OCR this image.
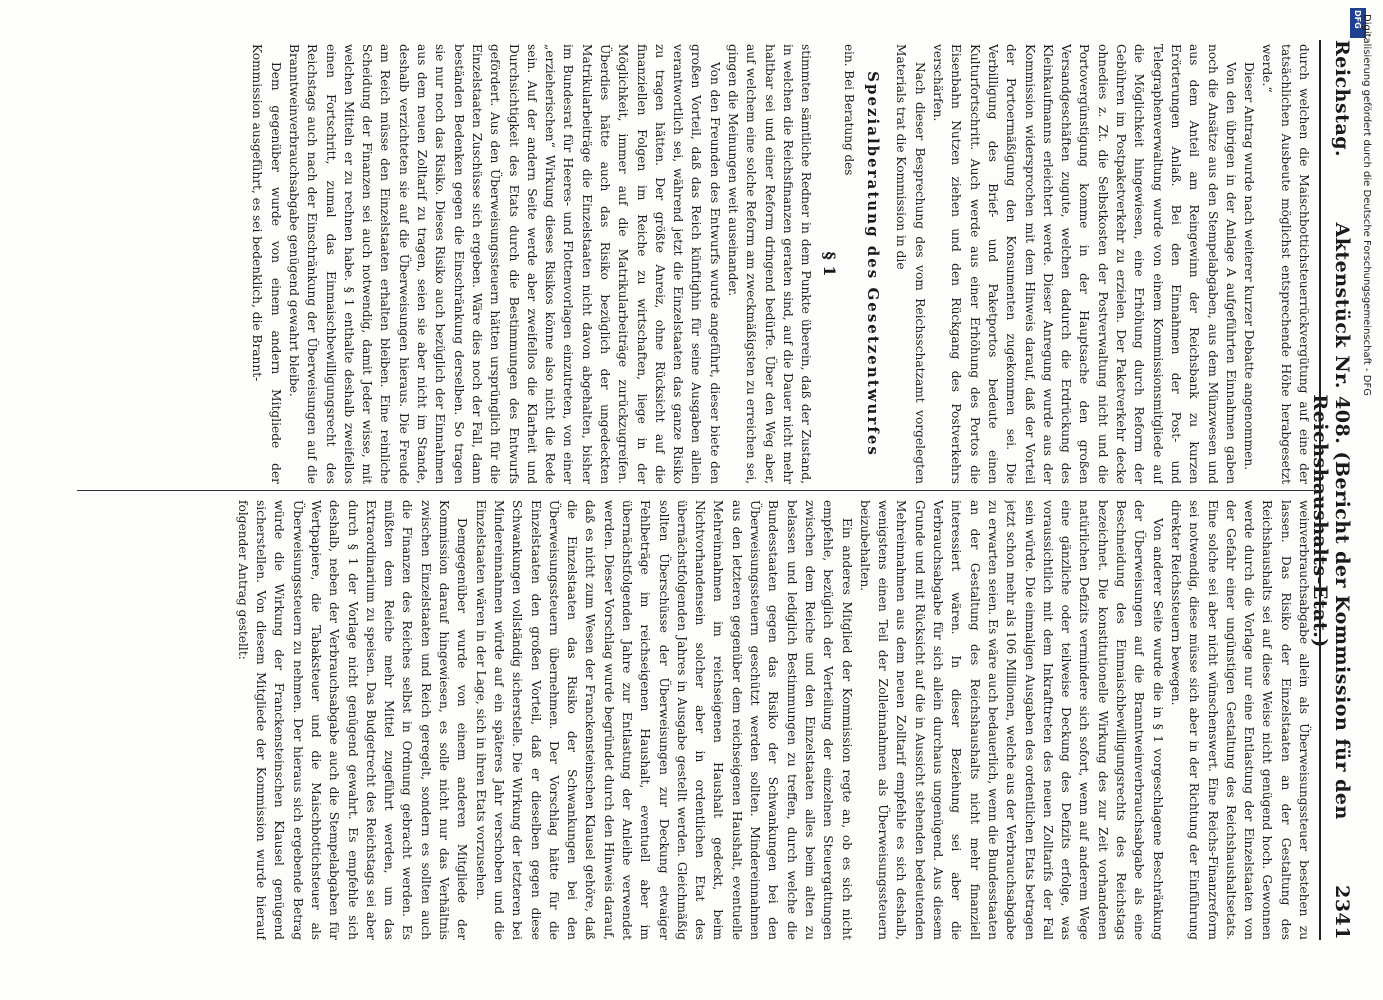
Reichstag.
Aktenstück Nr. 408. (Bericht der Kommission für den Reichshaushalts-Etat.)
2341

durch welchen die Maischbottichsteuerrückvergütung auf eine der tatsächlichen Ausbeute möglichst entsprechende Höhe herabgesetzt werde.“

Dieser Antrag wurde nach weiterer kurzer Debatte angenommen.

Von den übrigen in der Anlage A aufgeführten Einnahmen gaben noch die Ansätze aus den Stempelabgaben, aus dem Münzwesen und aus dem Anteil am Reingewinn der Reichsbank zu kurzen Erörterungen Anlaß. Bei den Einnahmen der Post- und Telegraphenverwaltung wurde von einem Kommissionsmitgliede auf die Möglichkeit hingewiesen, eine Erhöhung durch Reform der Gebühren im Postpaketverkehr zu erzielen. Der Paketverkehr decke ohnedies z. Zt. die Selbstkosten der Postverwaltung nicht und die Portovergünstigung komme in der Hauptsache den großen Versandgeschäften zugute, welchen dadurch die Erdrückung des Kleinkaufmanns erleichtert werde. Dieser Anregung wurde aus der Kommission widersprochen mit dem Hinweis darauf, daß der Vorteil der Portoermäßigung den Konsumenten zugekommen sei. Die Verbilligung des Brief- und Paketportos bedeute einen Kulturfortschritt. Auch werde aus einer Erhöhung des Portos die Eisenbahn Nutzen ziehen und den Rückgang des Postverkehrs verschärfen.

Nach dieser Besprechung des vom Reichsschatzamt vorgelegten Materials trat die Kommission in die

Spezialberatung des Gesetzentwurfes

ein. Bei Beratung des

§ 1

stimmten sämtliche Redner in dem Punkte überein, daß der Zustand, in welchen die Reichsfinanzen geraten sind, auf die Dauer nicht mehr haltbar sei und einer Reform dringend bedürfe. Über den Weg aber, auf welchem eine solche Reform am zweckmäßigsten zu erreichen sei, gingen die Meinungen weit auseinander.

Von den Freunden des Entwurfs wurde angeführt, dieser biete den großen Vorteil, daß das Reich künftighin für seine Ausgaben allein verantwortlich sei, während jetzt die Einzelstaaten das ganze Risiko zu tragen hätten. Der größte Anreiz, ohne Rücksicht auf die finanziellen Folgen im Reiche zu wirtschaften, liege in der Möglichkeit, immer auf die Matrikularbeiträge zurückzugreifen. Überdies hätte auch das Risiko bezüglich der ungedeckten Matrikularbeiträge die Einzelstaaten nicht davon abgehalten, bisher im Bundesrat für Heeres- und Flottenvorlagen einzutreten, von einer „erzieherischen“ Wirkung dieses Risikos könne also nicht die Rede sein. Auf der andern Seite werde aber zweifellos die Klarheit und Durchsichtigkeit des Etats durch die Bestimmungen des Entwurfs gefördert. Aus den Überweisungssteuern hätten ursprünglich für die Einzelstaaten Zuschüsse sich ergeben. Wäre dies noch der Fall, dann beständen Bedenken gegen die Einschränkung derselben. So tragen sie nur noch das Risiko. Dieses Risiko auch bezüglich der Einnahmen aus dem neuen Zolltarif zu tragen, seien sie aber nicht im Stande, deshalb verzichteten sie auf die Überweisungen hieraus. Die Freude am Reich müsse den Einzelstaaten erhalten bleiben. Eine reinliche Scheidung der Finanzen sei auch notwendig, damit Jeder wisse, mit welchen Mitteln er zu rechnen habe. § 1 enthalte deshalb zweifellos einen Fortschritt, zumal das Einmaischbewilligungsrecht des Reichstags auch nach der Einschränkung der Überweisungen auf die Branntweinverbrauchsabgabe genügend gewahrt bleibe.

Dem gegenüber wurde von einem andern Mitgliede der Kommission ausgeführt, es sei bedenklich, die Brannt-

weinverbrauchsabgabe allein als Überweisungssteuer bestehen zu lassen. Das Risiko der Einzelstaaten an der Gestaltung des Reichshaushalts sei auf diese Weise nicht genügend hoch. Gewonnen werde durch die Vorlage nur eine Entlastung der Einzelstaaten von der Gefahr einer ungünstigen Gestaltung des Reichshaushaltsetats. Eine solche sei aber nicht wünschenswert. Eine Reichs-Finanzreform sei notwendig, diese müsse sich aber in der Richtung der Einführung direkter Reichssteuern bewegen.

Von anderer Seite wurde die in § 1 vorgeschlagene Beschränkung der Überweisungen auf die Branntweinverbrauchsabgabe als eine Beschneidung des Einmaischbewilligungsrechts des Reichstags bezeichnet. Die konstitutionelle Wirkung des zur Zeit vorhandenen natürlichen Defizits vermindere sich sofort, wenn auf anderem Wege eine gänzliche oder teilweise Deckung des Defizits erfolge, was voraussichtlich mit dem Inkrafttreten des neuen Zolltarifs der Fall sein würde. Die einmaligen Ausgaben des ordentlichen Etats betragen jetzt schon mehr als 106 Millionen, welche aus der Verbrauchsabgabe zu erwarten seien. Es wäre auch bedauerlich, wenn die Bundesstaaten an der Gestaltung des Reichshaushalts nicht mehr finanziell interessiert wären. In dieser Beziehung sei aber die Verbrauchsabgabe für sich allein durchaus ungenügend. Aus diesem Grunde und mit Rücksicht auf die in Aussicht stehenden bedeutenden Mehreinnahmen aus dem neuen Zolltarif empfehle es sich deshalb, wenigstens einen Teil der Zolleinnahmen als Überweisungssteuern beizubehalten.

Ein anderes Mitglied der Kommission regte an, ob es sich nicht empfehle, bezüglich der Verteilung der einzelnen Steuergattungen zwischen dem Reiche und den Einzelstaaten alles beim alten zu belassen und lediglich Bestimmungen zu treffen, durch welche die Bundesstaaten gegen das Risiko der Schwankungen bei den Überweisungssteuern geschützt werden sollten. Mindereinnahmen aus den letzteren gegenüber dem reichseigenen Haushalt, eventuelle Mehreinnahmen im reichseigenen Haushalt gedeckt, beim Nichtvorhandensein solcher aber in ordentlichen Etat des übernächstfolgenden Jahres in Ausgabe gestellt werden. Gleichmäßig sollten Überschüsse der Überweisungen zur Deckung etwaiger Fehlbeträge im reichseigenen Haushalt, eventuell aber im übernächstfolgenden Jahre zur Entlastung der Anleihe verwendet werden. Dieser Vorschlag wurde begründet durch den Hinweis darauf, daß es nicht zum Wesen der Franckensteinschen Klausel gehöre, daß die Einzelstaaten das Risiko der Schwankungen bei den Überweisungssteuern übernehmen. Der Vorschlag hätte für die Einzelstaaten den großen Vorteil, daß er dieselben gegen diese Schwankungen vollständig sicherstelle. Die Wirkung der letzteren bei Mindereinnahmen würde auf ein späteres Jahr verschoben und die Einzelstaaten wären in der Lage, sich in ihren Etats vorzusehen.

Demgegenüber wurde von einem anderen Mitgliede der Kommission darauf hingewiesen, es solle nicht nur das Verhältnis zwischen Einzelstaaten und Reich geregelt, sondern es sollten auch die Finanzen des Reiches selbst in Ordnung gebracht werden. Es müßten dem Reiche mehr Mittel zugeführt werden, um das Extraordinarium zu speisen. Das Budgetrecht des Reichstags sei aber durch § 1 der Vorlage nicht genügend gewahrt. Es empfehle sich deshalb, neben der Verbrauchsabgabe auch die Stempelabgaben für Wertpapiere, die Tabaksteuer und die Maischbottichsteuer als Überweisungssteuern zu nehmen. Der hieraus sich ergebende Betrag würde die Wirkung der Franckensteinschen Klausel genügend sicherstellen. Von diesem Mitgliede der Kommission wurde hierauf folgender Antrag gestellt:

DFG Digitalisierung gefördert durch die Deutsche Forschungsgemeinschaft - DFG
